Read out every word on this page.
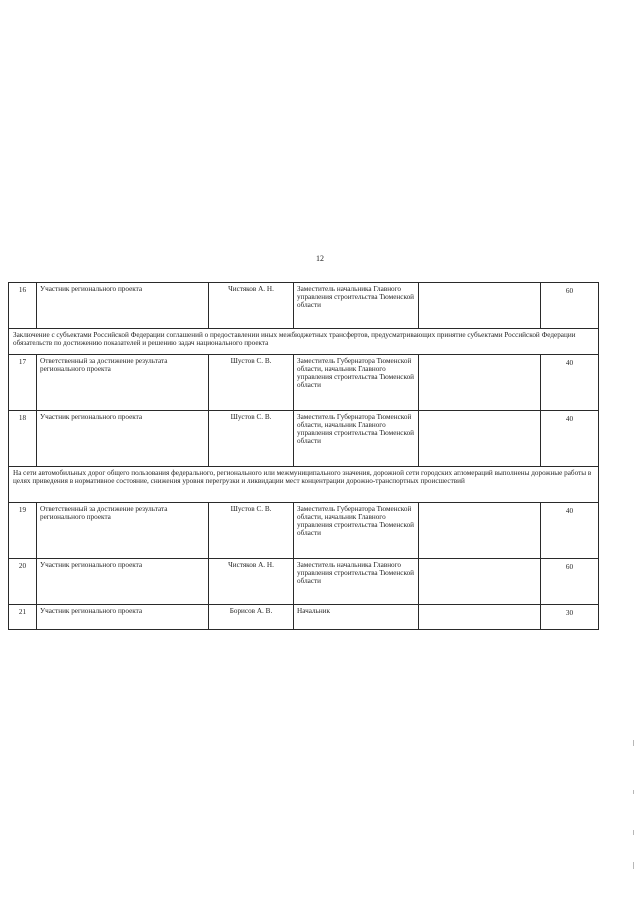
12
16	Участник регионального проекта	Чистяков А. Н.	Заместитель начальника Главного управления строительства Тюменской области		60
Заключение с субъектами Российской Федерации соглашений о предоставлении иных межбюджетных трансфертов, предусматривающих принятие субъектами Российской Федерации обязательств по достижению показателей и решению задач национального проекта					
17	Ответственный за достижение результата регионального проекта	Шустов С. В.	Заместитель Губернатора Тюменской области, начальник Главного управления строительства Тюменской области		40
18	Участник регионального проекта	Шустов С. В.	Заместитель Губернатора Тюменской области, начальник Главного управления строительства Тюменской области		40
На сети автомобильных дорог общего пользования федерального, регионального или межмуниципального значения, дорожной сети городских агломераций выполнены дорожные работы в целях приведения в нормативное состояние, снижения уровня перегрузки и ликвидации мест концентрации дорожно-транспортных происшествий					
19	Ответственный за достижение результата регионального проекта	Шустов С. В.	Заместитель Губернатора Тюменской области, начальник Главного управления строительства Тюменской области		40
20	Участник регионального проекта	Чистяков А. Н.	Заместитель начальника Главного управления строительства Тюменской области		60
21	Участник регионального проекта	Борисов А. В.	Начальник		30
